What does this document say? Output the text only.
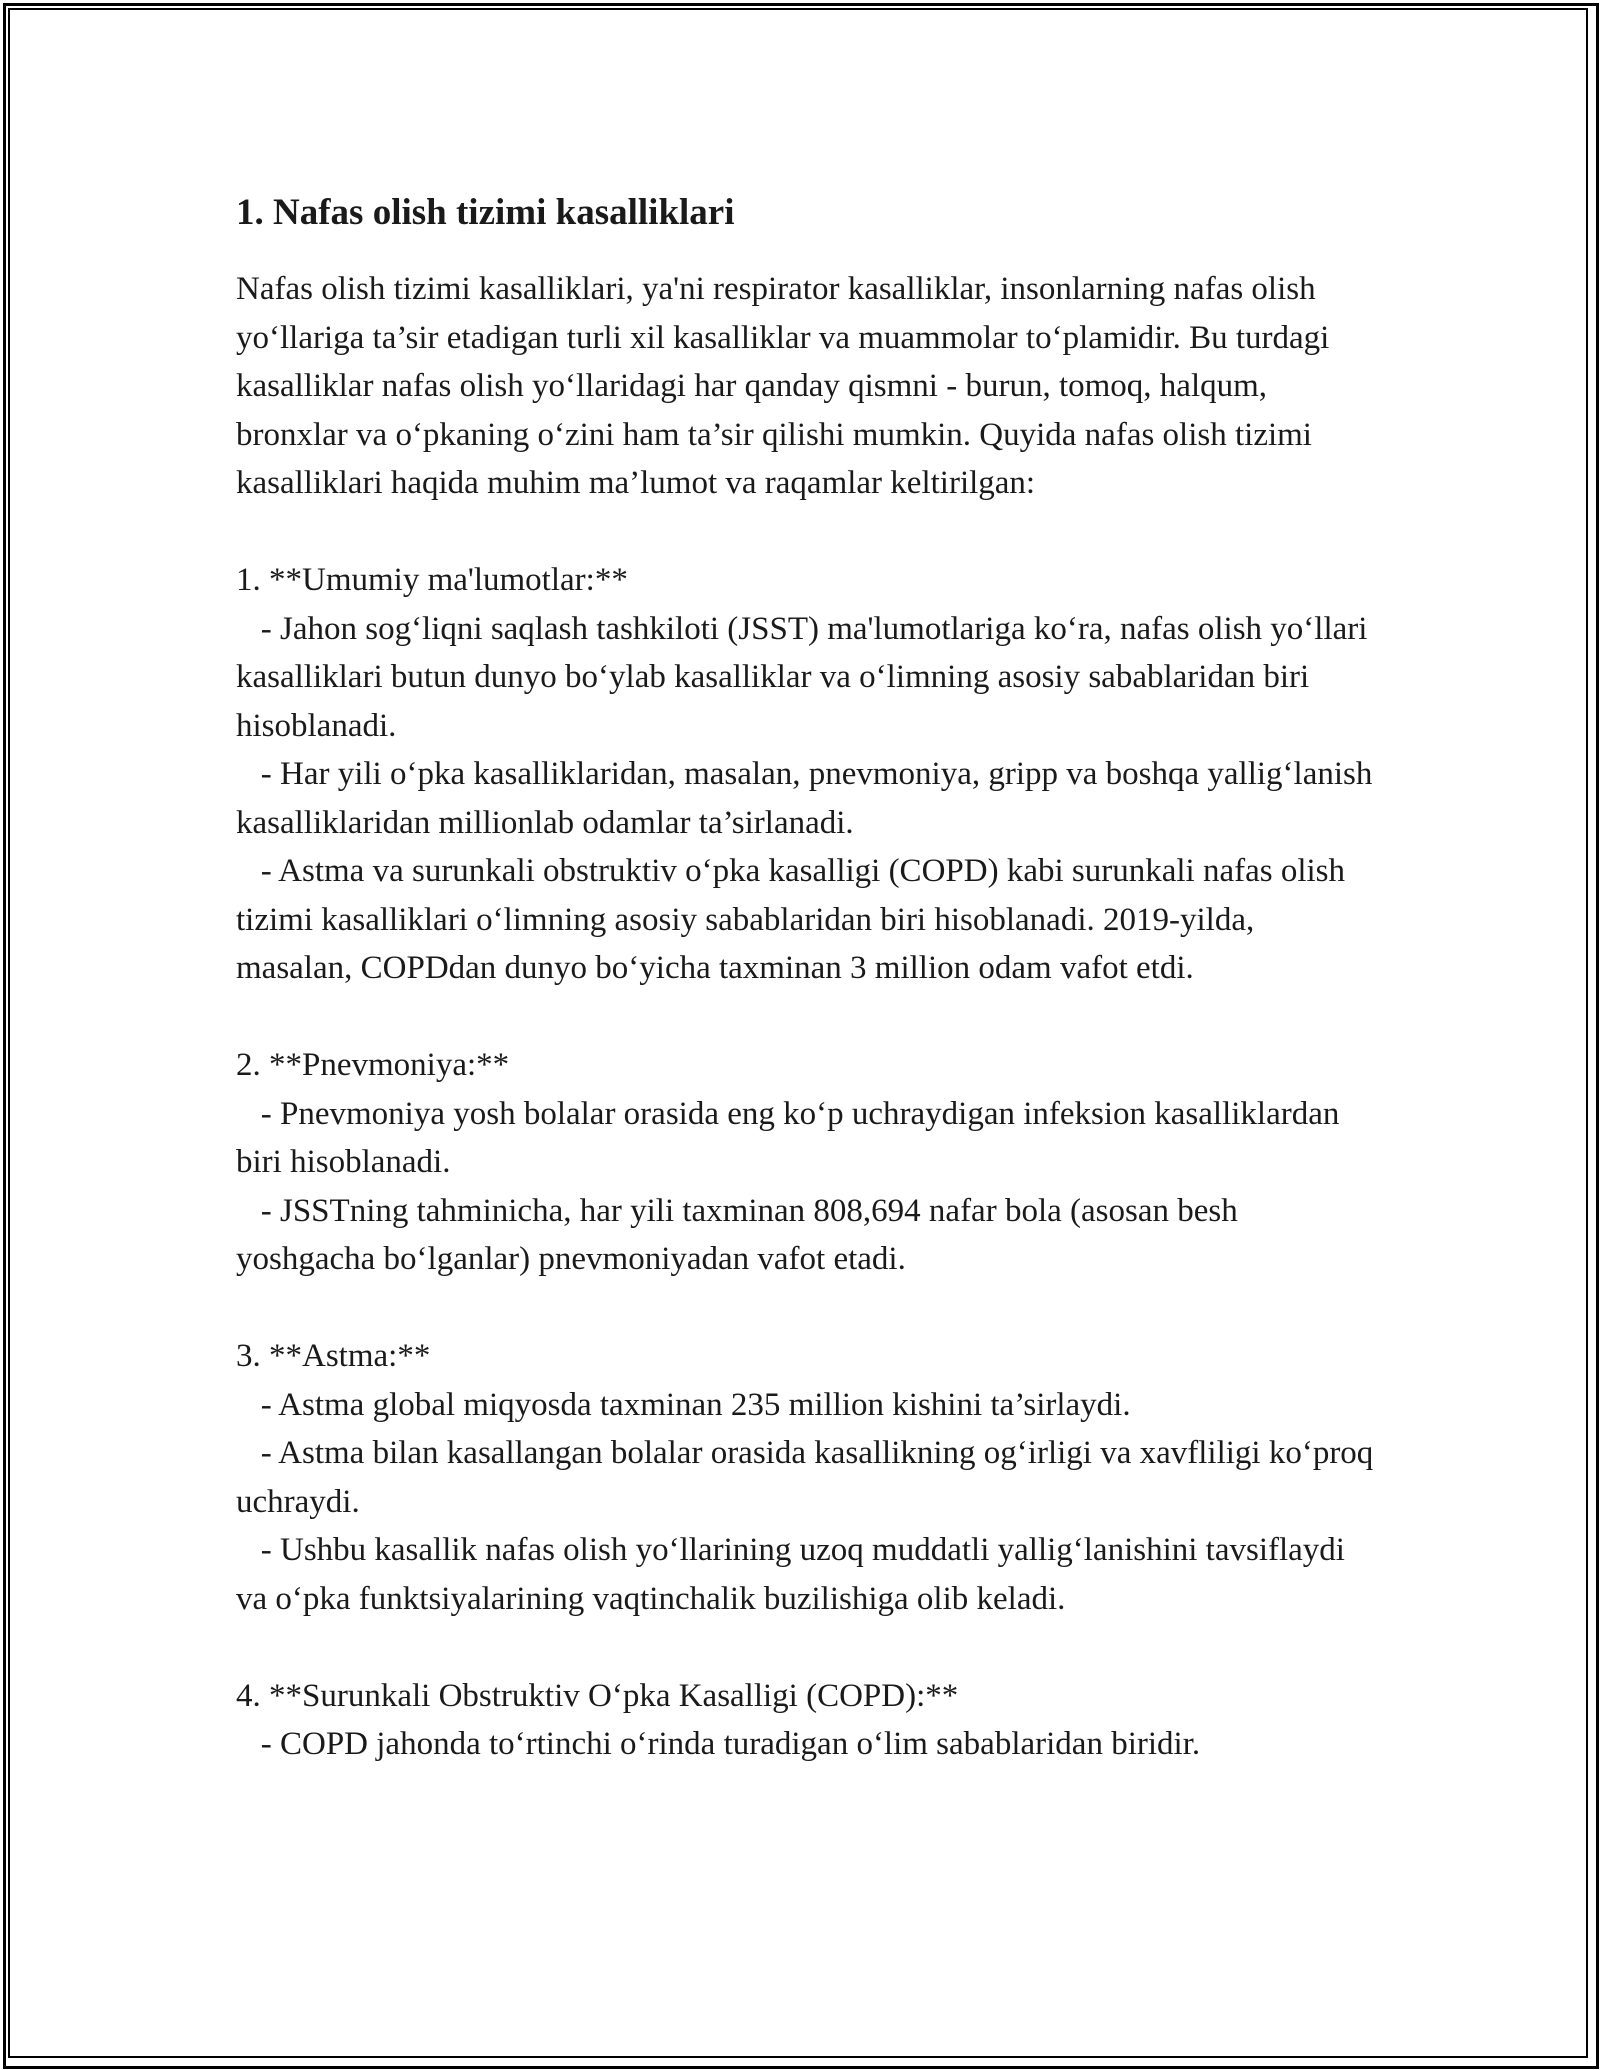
1. Nafas olish tizimi kasalliklari

Nafas olish tizimi kasalliklari, ya'ni respirator kasalliklar, insonlarning nafas olish yo‘llariga ta’sir etadigan turli xil kasalliklar va muammolar to‘plamidir. Bu turdagi kasalliklar nafas olish yo‘llaridagi har qanday qismni - burun, tomoq, halqum, bronxlar va o‘pkaning o‘zini ham ta’sir qilishi mumkin. Quyida nafas olish tizimi kasalliklari haqida muhim ma’lumot va raqamlar keltirilgan:

1. **Umumiy ma'lumotlar:**
- Jahon sog‘liqni saqlash tashkiloti (JSST) ma'lumotlariga ko‘ra, nafas olish yo‘llari kasalliklari butun dunyo bo‘ylab kasalliklar va o‘limning asosiy sabablaridan biri hisoblanadi.
- Har yili o‘pka kasalliklaridan, masalan, pnevmoniya, gripp va boshqa yallig‘lanish kasalliklaridan millionlab odamlar ta’sirlanadi.
- Astma va surunkali obstruktiv o‘pka kasalligi (COPD) kabi surunkali nafas olish tizimi kasalliklari o‘limning asosiy sabablaridan biri hisoblanadi. 2019-yilda, masalan, COPDdan dunyo bo‘yicha taxminan 3 million odam vafot etdi.
2. **Pnevmoniya:**
- Pnevmoniya yosh bolalar orasida eng ko‘p uchraydigan infeksion kasalliklardan biri hisoblanadi.
- JSSTning tahminicha, har yili taxminan 808,694 nafar bola (asosan besh yoshgacha bo‘lganlar) pnevmoniyadan vafot etadi.
3. **Astma:**
- Astma global miqyosda taxminan 235 million kishini ta’sirlaydi.
- Astma bilan kasallangan bolalar orasida kasallikning og‘irligi va xavfliligi ko‘proq uchraydi.
- Ushbu kasallik nafas olish yo‘llarining uzoq muddatli yallig‘lanishini tavsiflaydi va o‘pka funktsiyalarining vaqtinchalik buzilishiga olib keladi.
4. **Surunkali Obstruktiv O‘pka Kasalligi (COPD):**
- COPD jahonda to‘rtinchi o‘rinda turadigan o‘lim sabablaridan biridir.
